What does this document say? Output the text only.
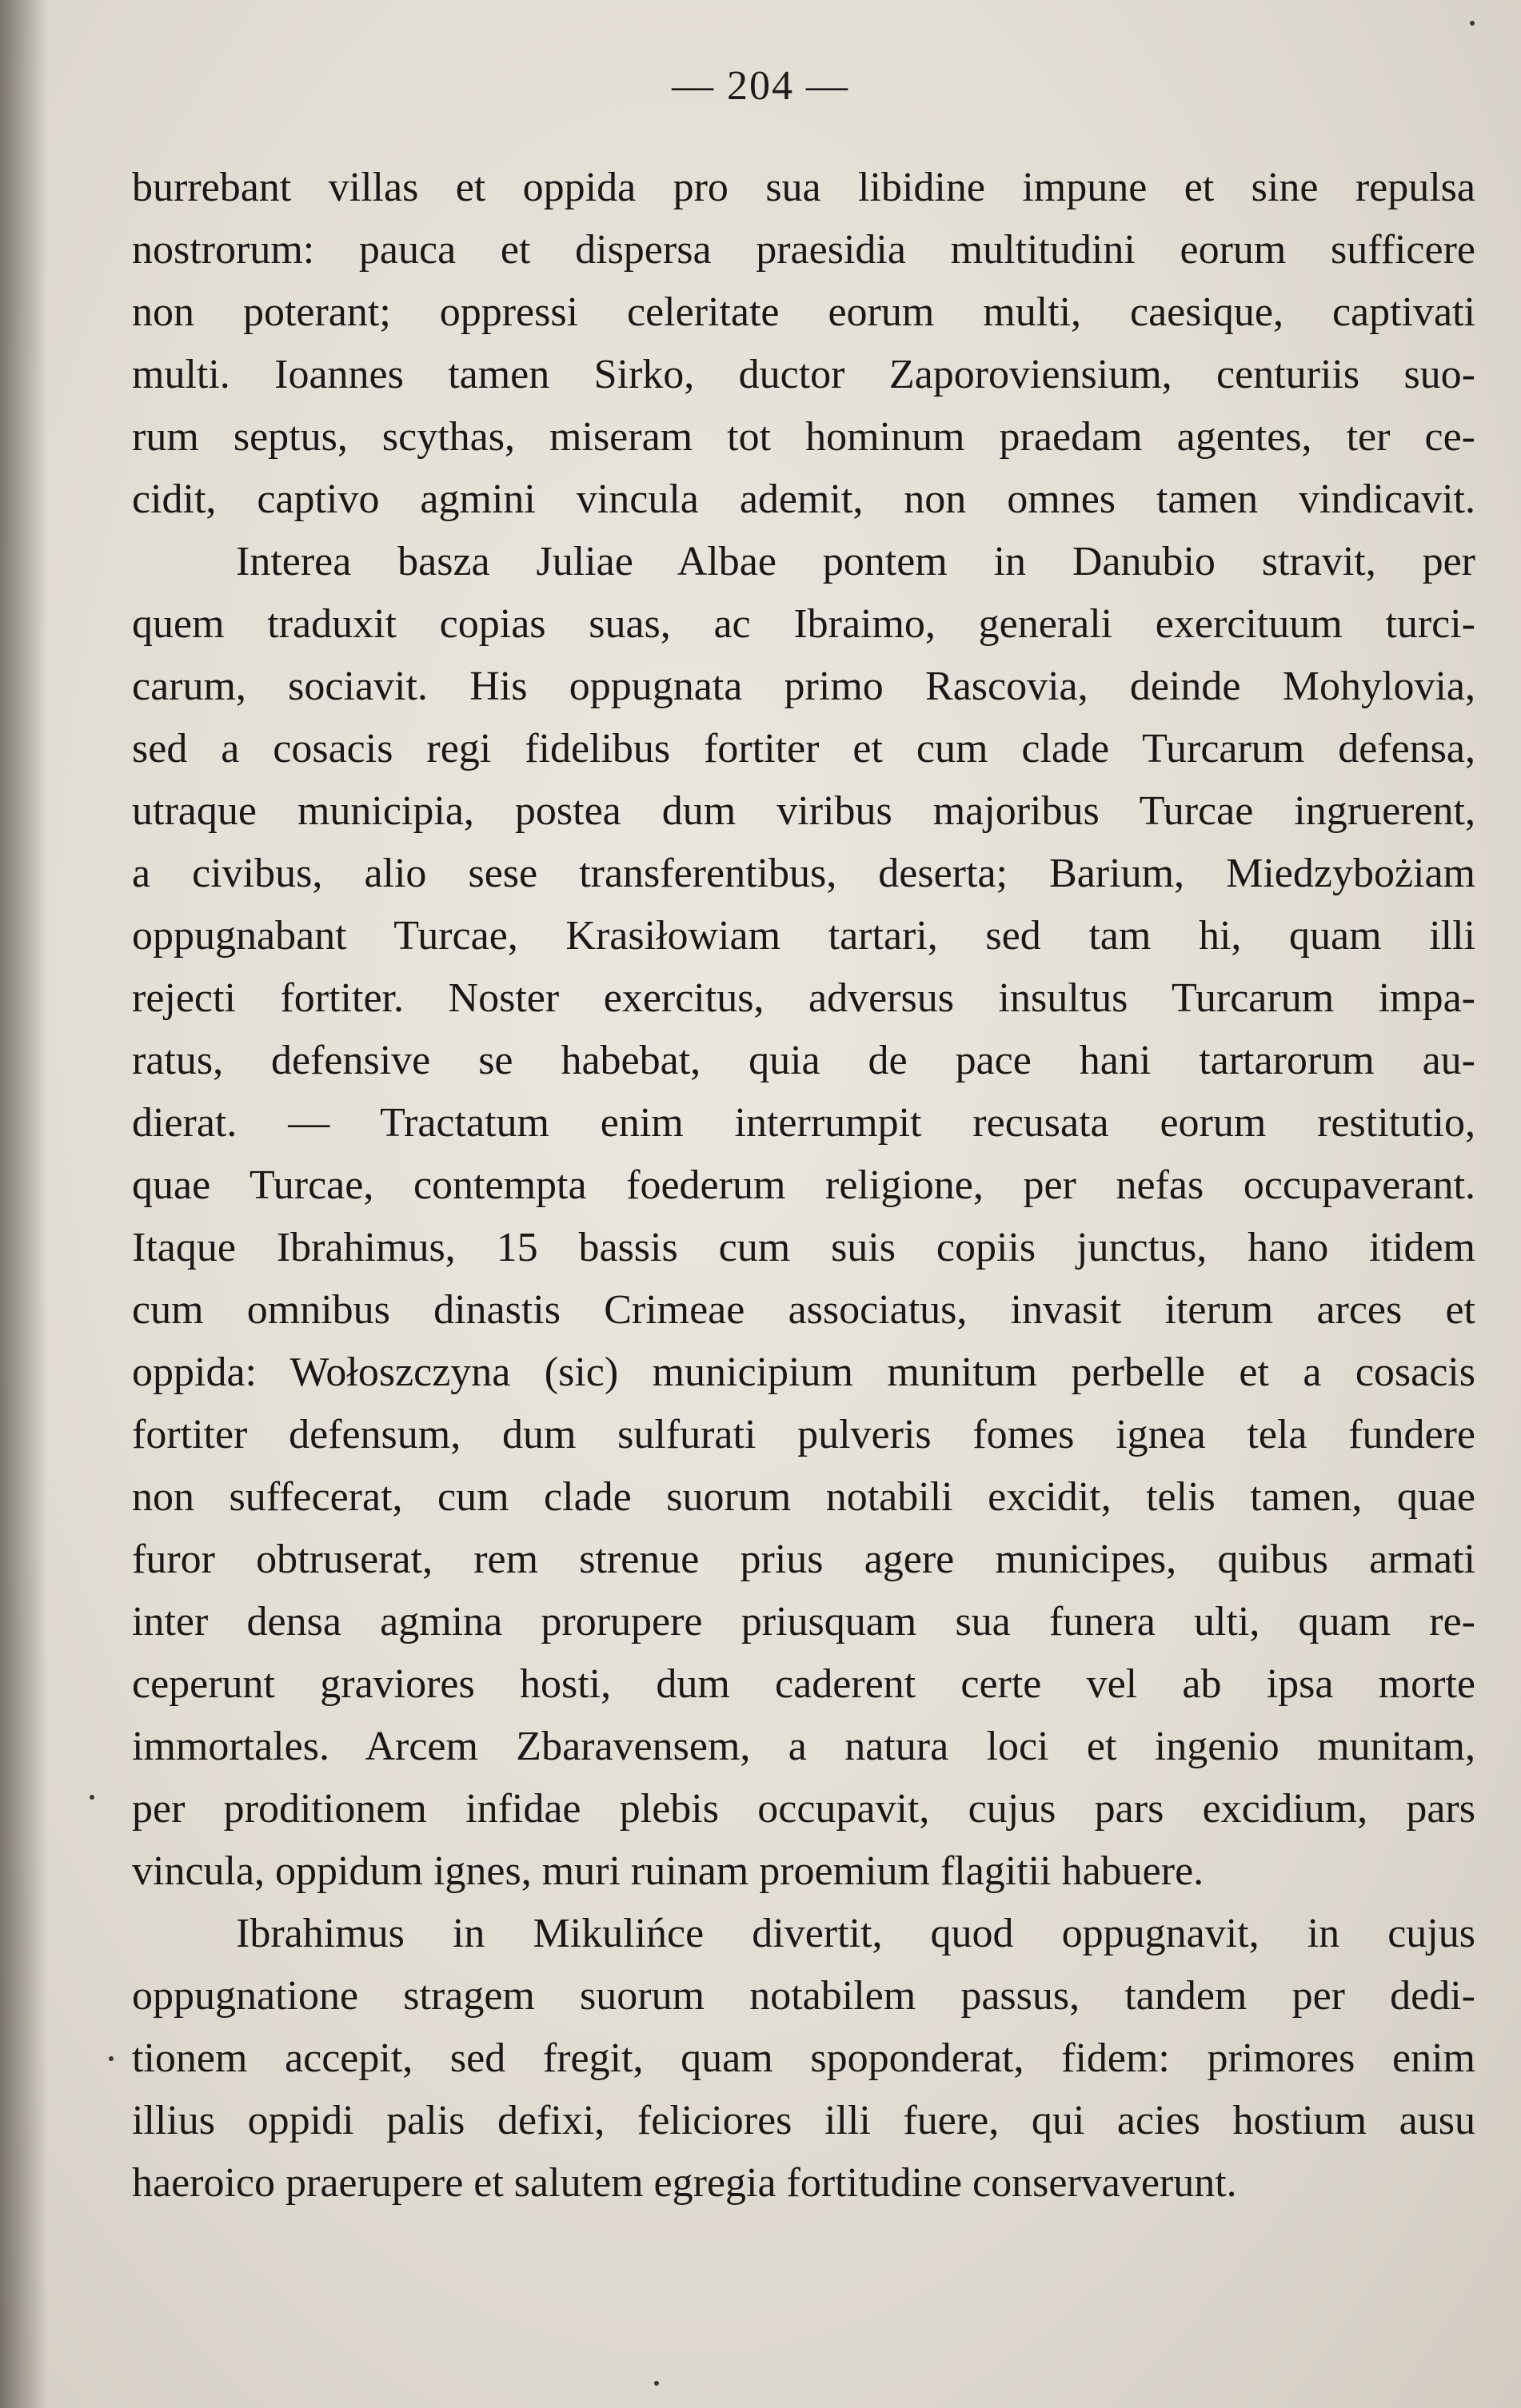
— 204 —
burrebant villas et oppida pro sua libidine impune et sine repulsa
nostrorum: pauca et dispersa praesidia multitudini eorum sufficere
non poterant; oppressi celeritate eorum multi, caesique, captivati
multi. Ioannes tamen Sirko, ductor Zaporoviensium, centuriis suo-
rum septus, scythas, miseram tot hominum praedam agentes, ter ce-
cidit, captivo agmini vincula ademit, non omnes tamen vindicavit.
Interea basza Juliae Albae pontem in Danubio stravit, per
quem traduxit copias suas, ac Ibraimo, generali exercituum turci-
carum, sociavit. His oppugnata primo Rascovia, deinde Mohylovia,
sed a cosacis regi fidelibus fortiter et cum clade Turcarum defensa,
utraque municipia, postea dum viribus majoribus Turcae ingruerent,
a civibus, alio sese transferentibus, deserta; Barium, Miedzybożiam
oppugnabant Turcae, Krasiłowiam tartari, sed tam hi, quam illi
rejecti fortiter. Noster exercitus, adversus insultus Turcarum impa-
ratus, defensive se habebat, quia de pace hani tartarorum au-
dierat. — Tractatum enim interrumpit recusata eorum restitutio,
quae Turcae, contempta foederum religione, per nefas occupaverant.
Itaque Ibrahimus, 15 bassis cum suis copiis junctus, hano itidem
cum omnibus dinastis Crimeae associatus, invasit iterum arces et
oppida: Wołoszczyna (sic) municipium munitum perbelle et a cosacis
fortiter defensum, dum sulfurati pulveris fomes ignea tela fundere
non suffecerat, cum clade suorum notabili excidit, telis tamen, quae
furor obtruserat, rem strenue prius agere municipes, quibus armati
inter densa agmina prorupere priusquam sua funera ulti, quam re-
ceperunt graviores hosti, dum caderent certe vel ab ipsa morte
immortales. Arcem Zbaravensem, a natura loci et ingenio munitam,
per proditionem infidae plebis occupavit, cujus pars excidium, pars
vincula, oppidum ignes, muri ruinam proemium flagitii habuere.
Ibrahimus in Mikulińce divertit, quod oppugnavit, in cujus
oppugnatione stragem suorum notabilem passus, tandem per dedi-
tionem accepit, sed fregit, quam spoponderat, fidem: primores enim
illius oppidi palis defixi, feliciores illi fuere, qui acies hostium ausu
haeroico praerupere et salutem egregia fortitudine conservaverunt.
